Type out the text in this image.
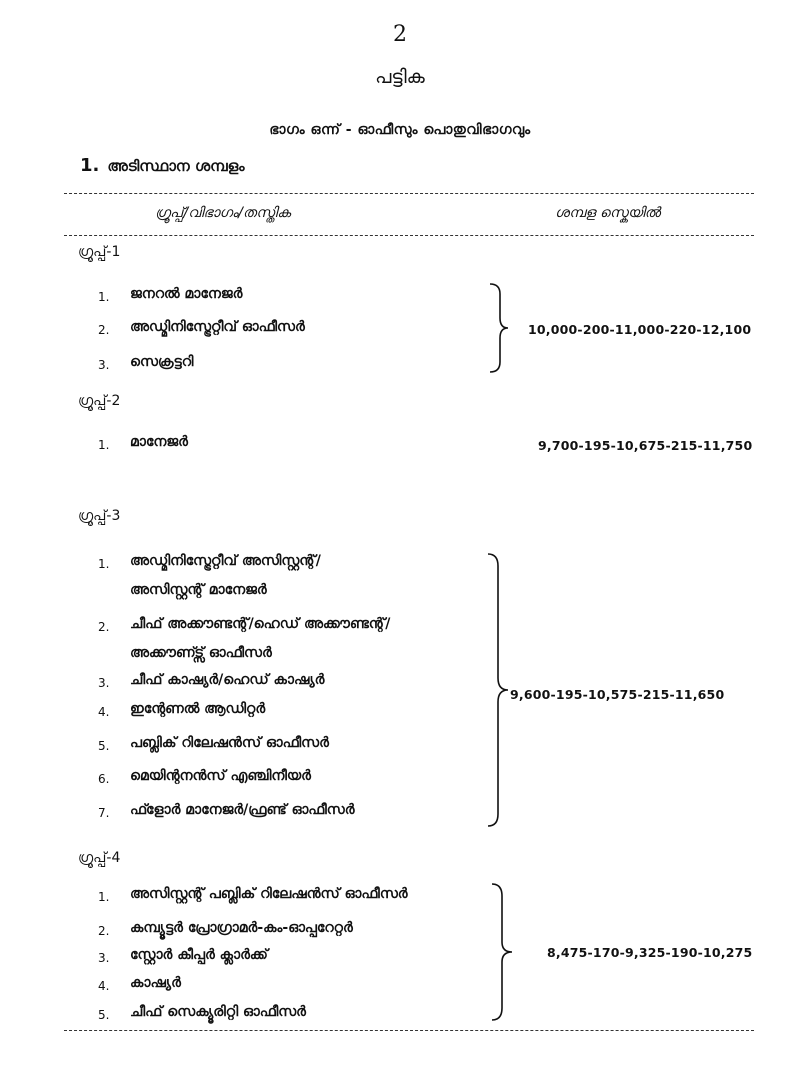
2
പട്ടിക
ഭാഗം ഒന്ന് - ഓഫീസും പൊതുവിഭാഗവും
1. അടിസ്ഥാന ശമ്പളം
ഗ്രൂപ്പ്/വിഭാഗം/തസ്തിക	ശമ്പള സ്കെയിൽ
ഗ്രൂപ്പ്-1
1. ജനറൽ മാനേജർ
2. അഡ്മിനിസ്ട്രേറ്റീവ് ഓഫീസർ
3. സെക്രട്ടറി
10,000-200-11,000-220-12,100
ഗ്രൂപ്പ്-2
1. മാനേജർ	9,700-195-10,675-215-11,750
ഗ്രൂപ്പ്-3
1. അഡ്മിനിസ്ട്രേറ്റീവ് അസിസ്റ്റന്റ്/
അസിസ്റ്റന്റ് മാനേജർ
2. ചീഫ് അക്കൗണ്ടന്റ്/ഹെഡ് അക്കൗണ്ടന്റ്/
അക്കൗണ്ട്സ് ഓഫീസർ
3. ചീഫ് കാഷ്യർ/ഹെഡ് കാഷ്യർ
4. ഇന്റേണൽ ആഡിറ്റർ
5. പബ്ലിക് റിലേഷൻസ് ഓഫീസർ
6. മെയിന്റനൻസ് എഞ്ചിനീയർ
7. ഫ്ളോർ മാനേജർ/ഫ്രണ്ട് ഓഫീസർ
9,600-195-10,575-215-11,650
ഗ്രൂപ്പ്-4
1. അസിസ്റ്റന്റ് പബ്ലിക് റിലേഷൻസ് ഓഫീസർ
2. കമ്പ്യൂട്ടർ പ്രോഗ്രാമർ-കം-ഓപ്പറേറ്റർ
3. സ്റ്റോർ കീപ്പർ ക്ലാർക്ക്
4. കാഷ്യർ
5. ചീഫ് സെക്യൂരിറ്റി ഓഫീസർ
8,475-170-9,325-190-10,275
